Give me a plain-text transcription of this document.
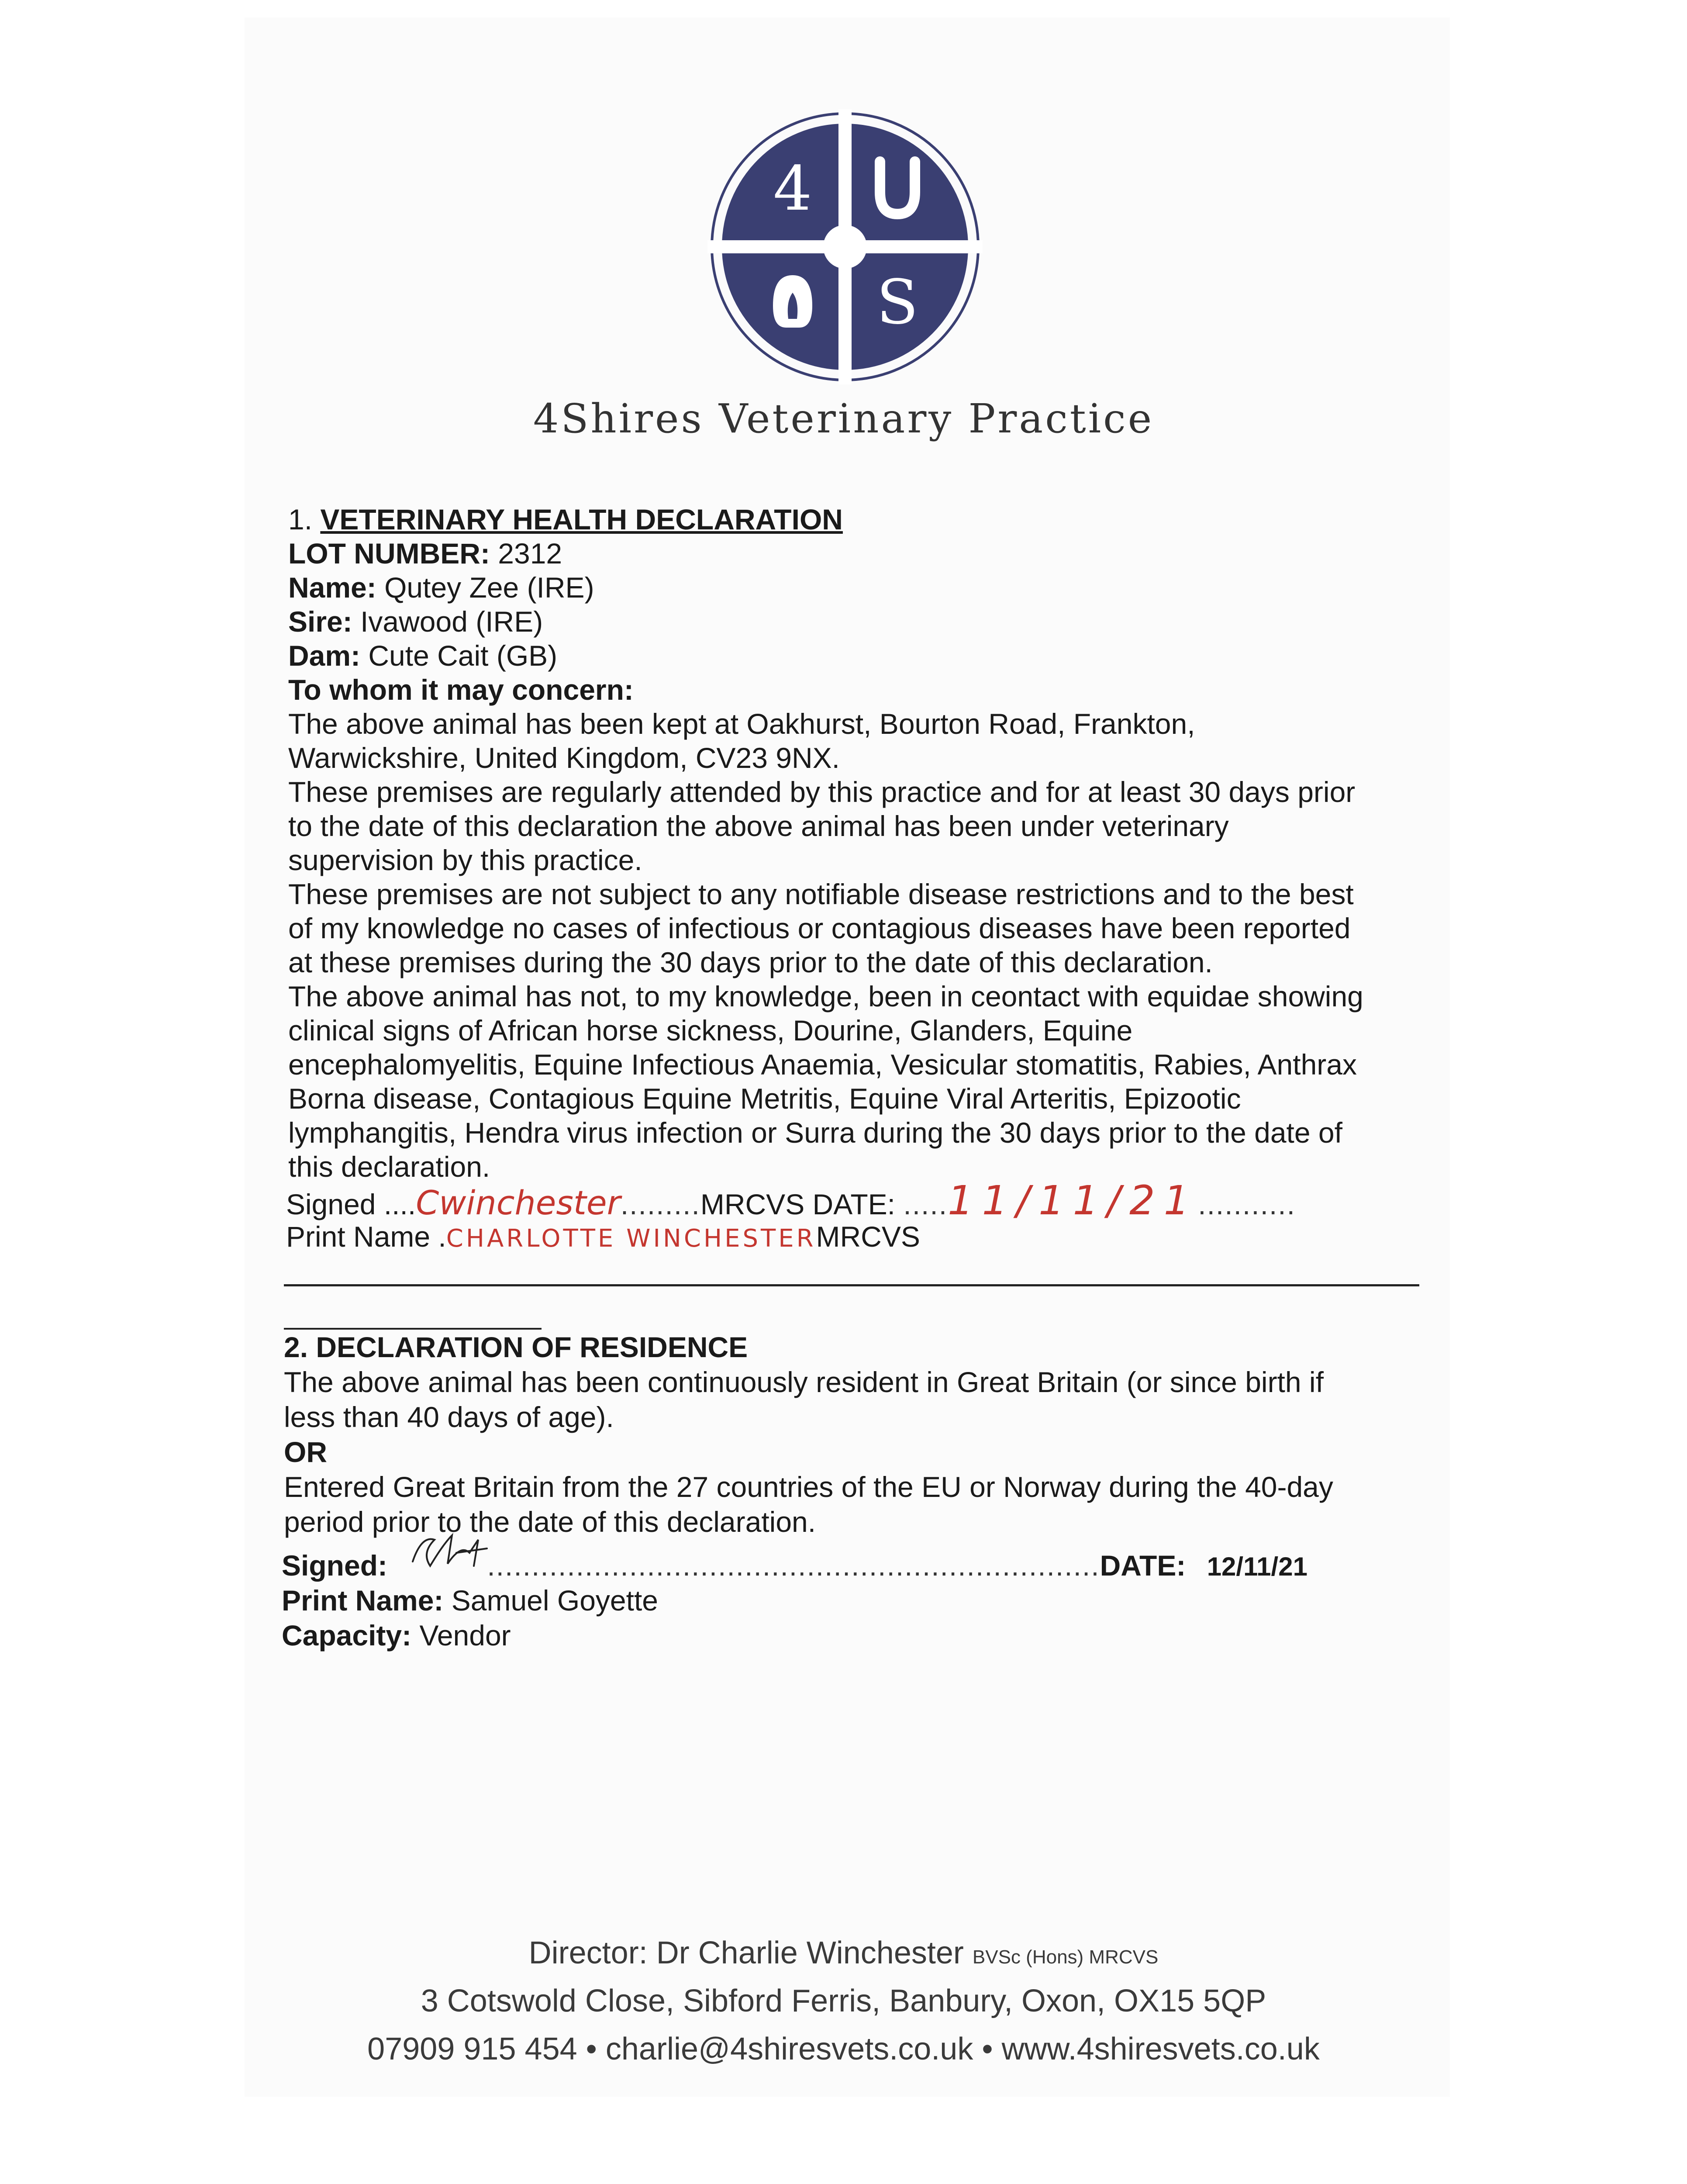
4
S
4Shires Veterinary Practice
1. VETERINARY HEALTH DECLARATION
LOT NUMBER: 2312
Name: Qutey Zee (IRE)
Sire: Ivawood (IRE)
Dam: Cute Cait (GB)
To whom it may concern:
The above animal has been kept at Oakhurst, Bourton Road, Frankton,
Warwickshire, United Kingdom, CV23 9NX.
These premises are regularly attended by this practice and for at least 30 days prior
to the date of this declaration the above animal has been under veterinary
supervision by this practice.
These premises are not subject to any notifiable disease restrictions and to the best
of my knowledge no cases of infectious or contagious diseases have been reported
at these premises during the 30 days prior to the date of this declaration.
The above animal has not, to my knowledge, been in ceontact with equidae showing
clinical signs of African horse sickness, Dourine, Glanders, Equine
encephalomyelitis, Equine Infectious Anaemia, Vesicular stomatitis, Rabies, Anthrax
Borna disease, Contagious Equine Metritis, Equine Viral Arteritis, Epizootic
lymphangitis, Hendra virus infection or Surra during the 30 days prior to the date of
this declaration.
Signed ....Cwinchester.........MRCVS DATE: .....11/11/21...........
Print Name .CHARLOTTE WINCHESTERMRCVS
2. DECLARATION OF RESIDENCE
The above animal has been continuously resident in Great Britain (or since birth if
less than 40 days of age).
OR
Entered Great Britain from the 27 countries of the EU or Norway during the 40-day
period prior to the date of this declaration.
Signed:	.....................................................................DATE: 12/11/21
Print Name: Samuel Goyette
Capacity: Vendor
Director: Dr Charlie Winchester BVSc (Hons) MRCVS
3 Cotswold Close, Sibford Ferris, Banbury, Oxon, OX15 5QP
07909 915 454 • charlie@4shiresvets.co.uk • www.4shiresvets.co.uk
